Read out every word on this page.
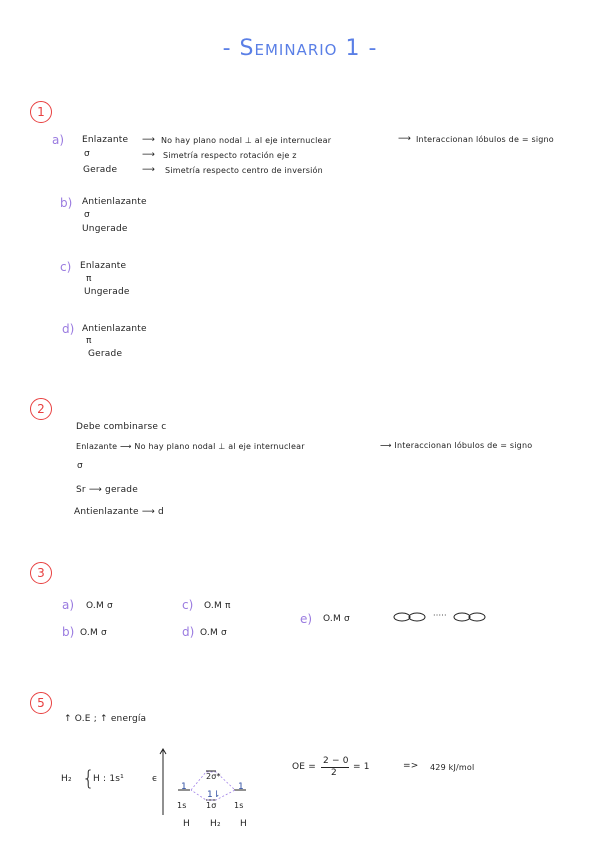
- Seminario 1 -
1
a) Enlazante ⟶ No hay plano nodal ⊥ al eje internuclear	⟶ Interaccionan lóbulos de = signo
σ	⟶ Simetría respecto rotación eje z
Gerade	⟶ Simetría respecto centro de inversión
b) Antienlazante
σ
Ungerade
c) Enlazante
π
Ungerade
d) Antienlazante
π
Gerade
2
Debe combinarse c
Enlazante ⟶ No hay plano nodal ⊥ al eje internuclear	⟶ Interaccionan lóbulos de = signo
σ
Sr ⟶ gerade
Antienlazante ⟶ d
3
a) O.M σ
b) O.M σ
c) O.M π
d) O.M σ
e) O.M σ	·····
5
↑ O.E ; ↑ energía
H₂ {
H : 1s¹	ϵ
1
1s
2σ*
1⇂
1σ
1
1s
H H₂ H
OE =
2 − 0
2
= 1	=> 429 kJ/mol
